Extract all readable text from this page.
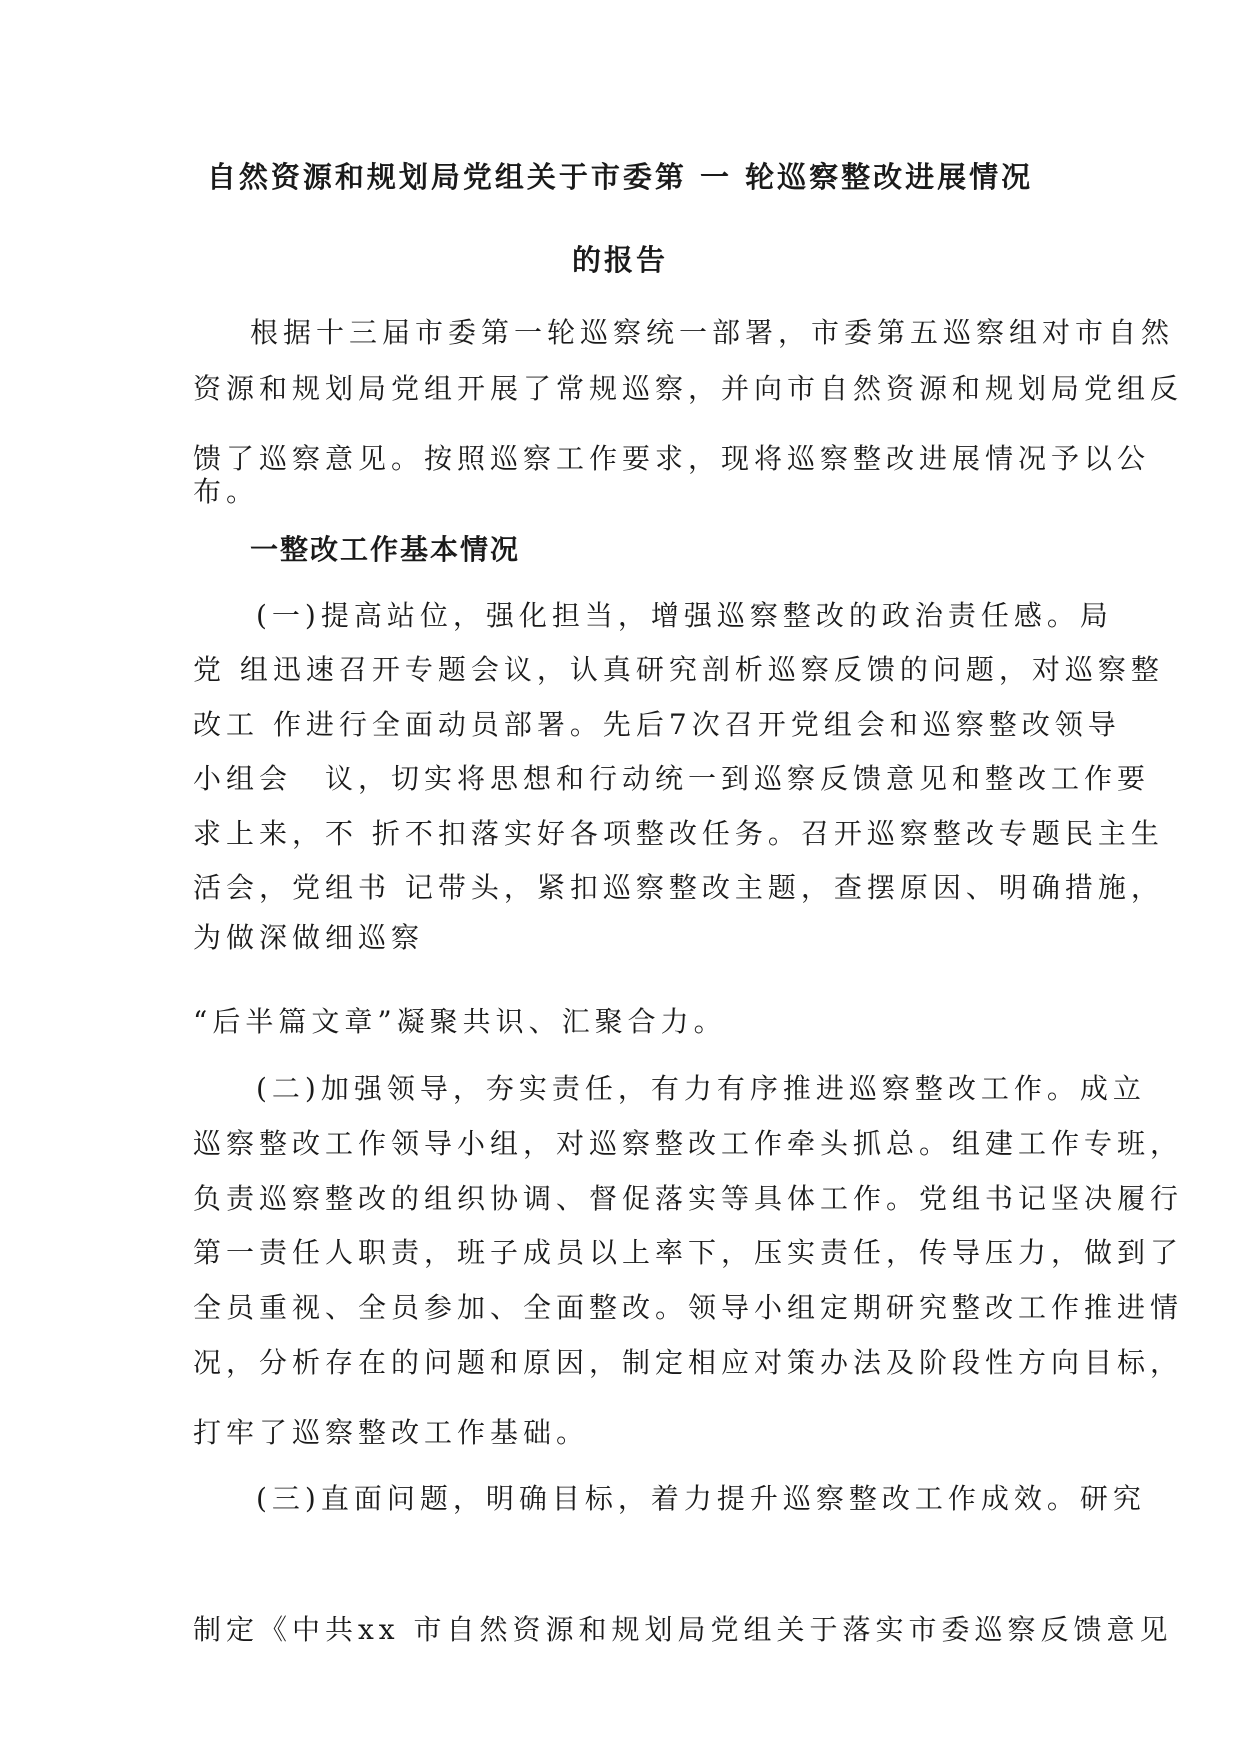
自然资源和规划局党组关于市委第 一 轮巡察整改进展情况
的报告
根据十三届市委第一轮巡察统一部署，市委第五巡察组对市自然
资源和规划局党组开展了常规巡察，并向市自然资源和规划局党组反
馈了巡察意见。按照巡察工作要求，现将巡察整改进展情况予以公
布。
一整改工作基本情况
(一)提高站位，强化担当，增强巡察整改的政治责任感。局
党 组迅速召开专题会议，认真研究剖析巡察反馈的问题，对巡察整
改工 作进行全面动员部署。先后7次召开党组会和巡察整改领导
小组会　议，切实将思想和行动统一到巡察反馈意见和整改工作要
求上来，不 折不扣落实好各项整改任务。召开巡察整改专题民主生
活会，党组书 记带头，紧扣巡察整改主题，查摆原因、明确措施，
为做深做细巡察
“后半篇文章”凝聚共识、汇聚合力。
(二)加强领导，夯实责任，有力有序推进巡察整改工作。成立
巡察整改工作领导小组，对巡察整改工作牵头抓总。组建工作专班，
负责巡察整改的组织协调、督促落实等具体工作。党组书记坚决履行
第一责任人职责，班子成员以上率下，压实责任，传导压力，做到了
全员重视、全员参加、全面整改。领导小组定期研究整改工作推进情
况，分析存在的问题和原因，制定相应对策办法及阶段性方向目标，
打牢了巡察整改工作基础。
(三)直面问题，明确目标，着力提升巡察整改工作成效。研究
制定《中共xx 市自然资源和规划局党组关于落实市委巡察反馈意见
